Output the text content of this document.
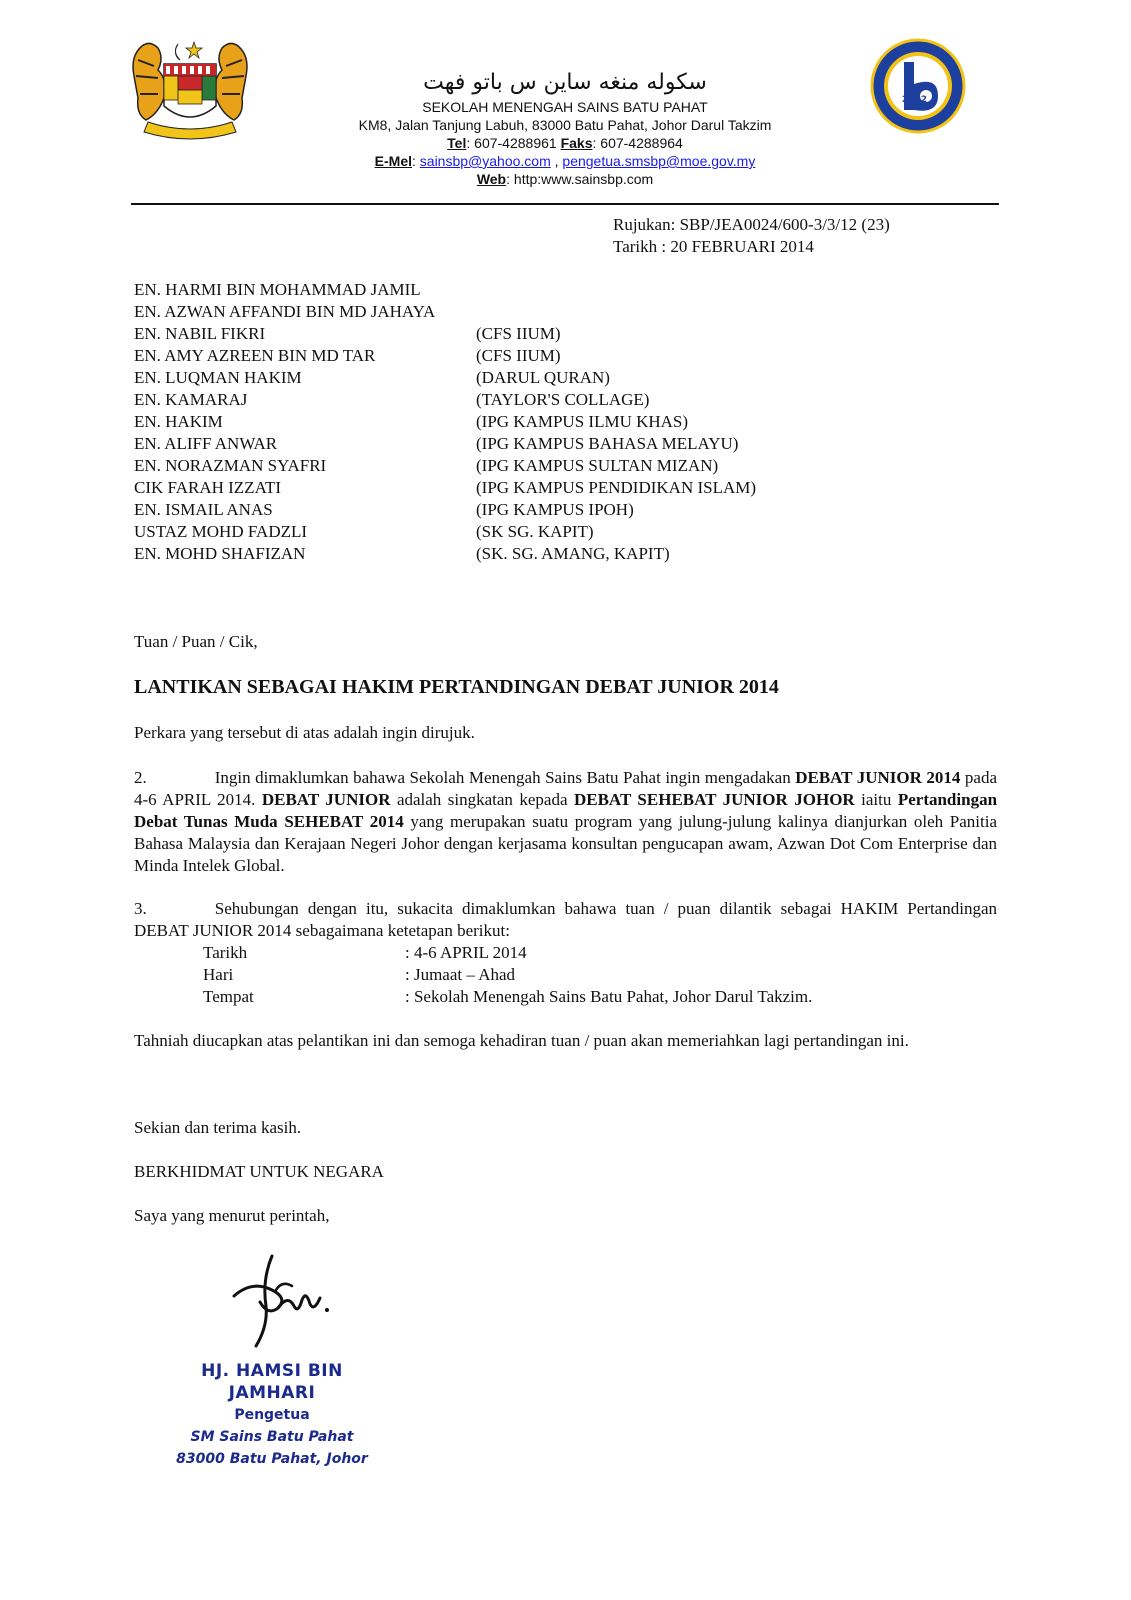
سكوله منغه ساين س باتو فهت
SEKOLAH MENENGAH SAINS BATU PAHAT
KM8, Jalan Tanjung Labuh, 83000 Batu Pahat, Johor Darul Takzim
Tel: 607-4288961 Faks: 607-4288964
E-Mel: sainsbp@yahoo.com , pengetua.smsbp@moe.gov.my
Web: http:www.sainsbp.com
2012
Rujukan: SBP/JEA0024/600-3/3/12 (23)
Tarikh : 20 FEBRUARI 2014
EN. HARMI BIN MOHAMMAD JAMIL
EN. AZWAN AFFANDI BIN MD JAHAYA
EN. NABIL FIKRI	(CFS IIUM)
EN. AMY AZREEN BIN MD TAR	(CFS IIUM)
EN. LUQMAN HAKIM	(DARUL QURAN)
EN. KAMARAJ	(TAYLOR'S COLLAGE)
EN. HAKIM	(IPG KAMPUS ILMU KHAS)
EN. ALIFF ANWAR	(IPG KAMPUS BAHASA MELAYU)
EN. NORAZMAN SYAFRI	(IPG KAMPUS SULTAN MIZAN)
CIK FARAH IZZATI	(IPG KAMPUS PENDIDIKAN ISLAM)
EN. ISMAIL ANAS	(IPG KAMPUS IPOH)
USTAZ MOHD FADZLI	(SK SG. KAPIT)
EN. MOHD SHAFIZAN	(SK. SG. AMANG, KAPIT)
Tuan / Puan / Cik,
LANTIKAN SEBAGAI HAKIM PERTANDINGAN DEBAT JUNIOR 2014
Perkara yang tersebut di atas adalah ingin dirujuk.
2.	Ingin dimaklumkan bahawa Sekolah Menengah Sains Batu Pahat ingin mengadakan DEBAT JUNIOR 2014 pada 4-6 APRIL 2014. DEBAT JUNIOR adalah singkatan kepada DEBAT SEHEBAT JUNIOR JOHOR iaitu Pertandingan Debat Tunas Muda SEHEBAT 2014 yang merupakan suatu program yang julung-julung kalinya dianjurkan oleh Panitia Bahasa Malaysia dan Kerajaan Negeri Johor dengan kerjasama konsultan pengucapan awam, Azwan Dot Com Enterprise dan Minda Intelek Global.
3.	Sehubungan dengan itu, sukacita dimaklumkan bahawa tuan / puan dilantik sebagai HAKIM Pertandingan DEBAT JUNIOR 2014 sebagaimana ketetapan berikut:
Tarikh	: 4-6 APRIL 2014
Hari	: Jumaat – Ahad
Tempat	: Sekolah Menengah Sains Batu Pahat, Johor Darul Takzim.
Tahniah diucapkan atas pelantikan ini dan semoga kehadiran tuan / puan akan memeriahkan lagi pertandingan ini.
Sekian dan terima kasih.
BERKHIDMAT UNTUK NEGARA
Saya yang menurut perintah,
HJ. HAMSI BIN JAMHARI
Pengetua
SM Sains Batu Pahat
83000 Batu Pahat, Johor
